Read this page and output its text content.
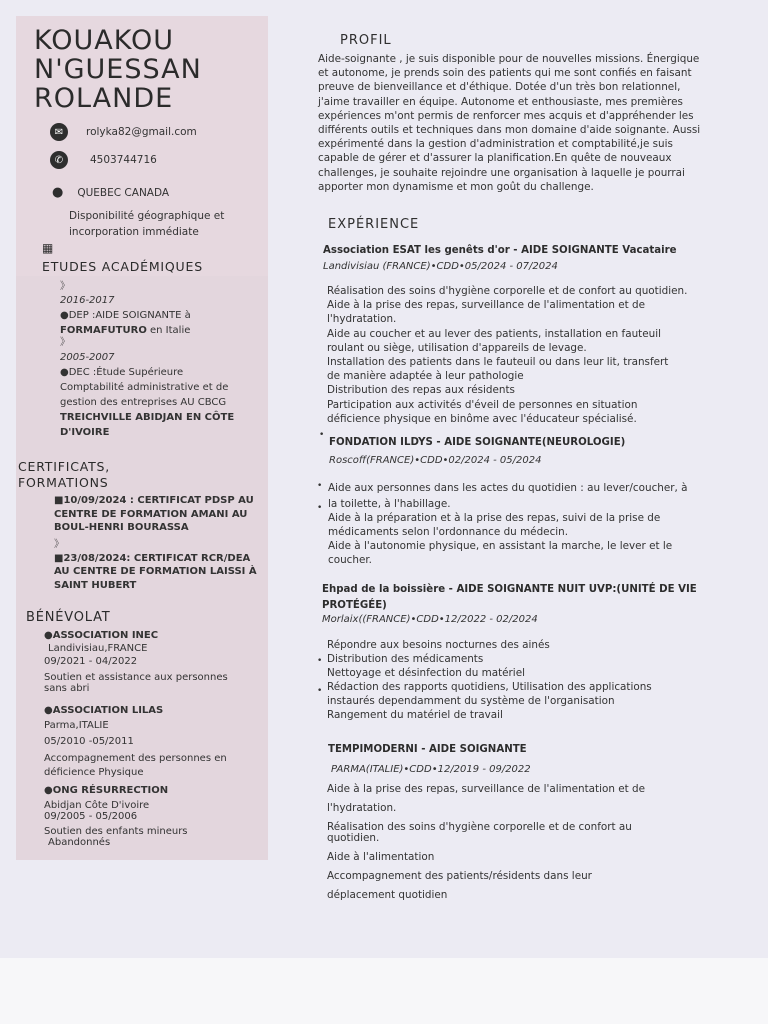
KOUAKOU
N'GUESSAN
ROLANDE
✉	rolyka82@gmail.com
✆	4503744716
● QUEBEC CANADA
Disponibilité géographique et
incorporation immédiate
▦
ETUDES ACADÉMIQUES
》
2016-2017
●DEP :AIDE SOIGNANTE à
FORMAFUTURO en Italie
》
2005-2007
●DEC :Étude Supérieure
Comptabilité administrative et de
gestion des entreprises AU CBCG
TREICHVILLE ABIDJAN EN CÔTE
D'IVOIRE
CERTIFICATS,
FORMATIONS
■10/09/2024 : CERTIFICAT PDSP AU
CENTRE DE FORMATION AMANI AU
BOUL-HENRI BOURASSA
》
■23/08/2024: CERTIFICAT RCR/DEA
AU CENTRE DE FORMATION LAISSI À
SAINT HUBERT
BÉNÉVOLAT
●ASSOCIATION INEC
Landivisiau,FRANCE
09/2021 - 04/2022
Soutien et assistance aux personnes
sans abri
●ASSOCIATION LILAS
Parma,ITALIE
05/2010 -05/2011
Accompagnement des personnes en
déficience Physique
●ONG RÉSURRECTION
Abidjan Côte D'ivoire
09/2005 - 05/2006
Soutien des enfants mineurs
Abandonnés
PROFIL
Aide-soignante , je suis disponible pour de nouvelles missions. Énergique
et autonome, je prends soin des patients qui me sont confiés en faisant
preuve de bienveillance et d'éthique. Dotée d'un très bon relationnel,
j'aime travailler en équipe. Autonome et enthousiaste, mes premières
expériences m'ont permis de renforcer mes acquis et d'appréhender les
différents outils et techniques dans mon domaine d'aide soignante. Aussi
expérimenté dans la gestion d'administration et comptabilité,je suis
capable de gérer et d'assurer la planification.En quête de nouveaux
challenges, je souhaite rejoindre une organisation à laquelle je pourrai
apporter mon dynamisme et mon goût du challenge.
EXPÉRIENCE
Association ESAT les genêts d'or - AIDE SOIGNANTE Vacataire
Landivisiau (FRANCE)•CDD•05/2024 - 07/2024
Réalisation des soins d'hygiène corporelle et de confort au quotidien.
Aide à la prise des repas, surveillance de l'alimentation et de
l'hydratation.
Aide au coucher et au lever des patients, installation en fauteuil
roulant ou siège, utilisation d'appareils de levage.
Installation des patients dans le fauteuil ou dans leur lit, transfert
de manière adaptée à leur pathologie
Distribution des repas aux résidents
Participation aux activités d'éveil de personnes en situation
déficience physique en binôme avec l'éducateur spécialisé.
•
FONDATION ILDYS - AIDE SOIGNANTE(NEUROLOGIE)
Roscoff(FRANCE)•CDD•02/2024 - 05/2024
•
•
Aide aux personnes dans les actes du quotidien : au lever/coucher, à
la toilette, à l'habillage.
Aide à la préparation et à la prise des repas, suivi de la prise de
médicaments selon l'ordonnance du médecin.
Aide à l'autonomie physique, en assistant la marche, le lever et le
coucher.
Ehpad de la boissière - AIDE SOIGNANTE NUIT UVP:(UNITÉ DE VIE
PROTÉGÉE)
Morlaix((FRANCE)•CDD•12/2022 - 02/2024
•
•
Répondre aux besoins nocturnes des ainés
Distribution des médicaments
Nettoyage et désinfection du matériel
Rédaction des rapports quotidiens, Utilisation des applications
instaurés dependamment du système de l'organisation
Rangement du matériel de travail
TEMPIMODERNI - AIDE SOIGNANTE
PARMA(ITALIE)•CDD•12/2019 - 09/2022
Aide à la prise des repas, surveillance de l'alimentation et de
l'hydratation.
Réalisation des soins d'hygiène corporelle et de confort au
quotidien.
Aide à l'alimentation
Accompagnement des patients/résidents dans leur
déplacement quotidien
